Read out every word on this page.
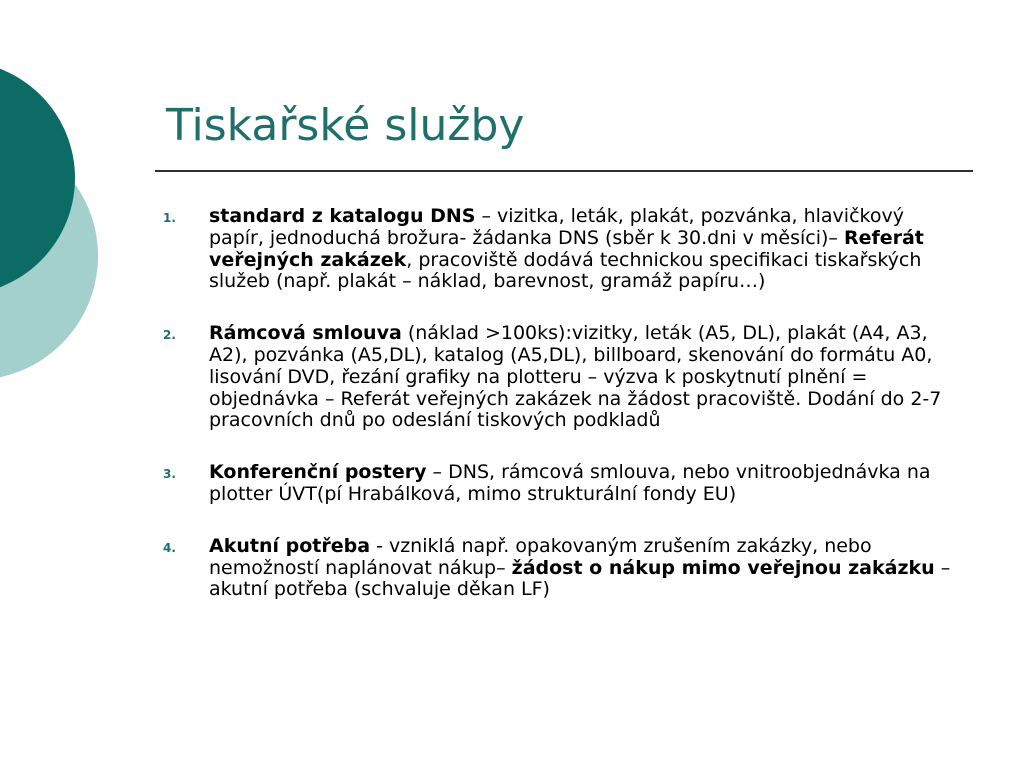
Tiskařské služby
1. standard z katalogu DNS – vizitka, leták, plakát, pozvánka, hlavičkový papír, jednoduchá brožura- žádanka DNS (sběr k 30.dni v měsíci)– Referát veřejných zakázek, pracoviště dodává technickou specifikaci tiskařských služeb (např. plakát – náklad, barevnost, gramáž papíru…)
2. Rámcová smlouva (náklad >100ks):vizitky, leták (A5, DL), plakát (A4, A3, A2), pozvánka (A5,DL), katalog (A5,DL), billboard, skenování do formátu A0, lisování DVD, řezání grafiky na plotteru – výzva k poskytnutí plnění = objednávka – Referát veřejných zakázek na žádost pracoviště. Dodání do 2-7 pracovních dnů po odeslání tiskových podkladů
3. Konferenční postery – DNS, rámcová smlouva, nebo vnitroobjednávka na plotter ÚVT(pí Hrabálková, mimo strukturální fondy EU)
4. Akutní potřeba - vzniklá např. opakovaným zrušením zakázky, nebo nemožností naplánovat nákup– žádost o nákup mimo veřejnou zakázku – akutní potřeba (schvaluje děkan LF)
